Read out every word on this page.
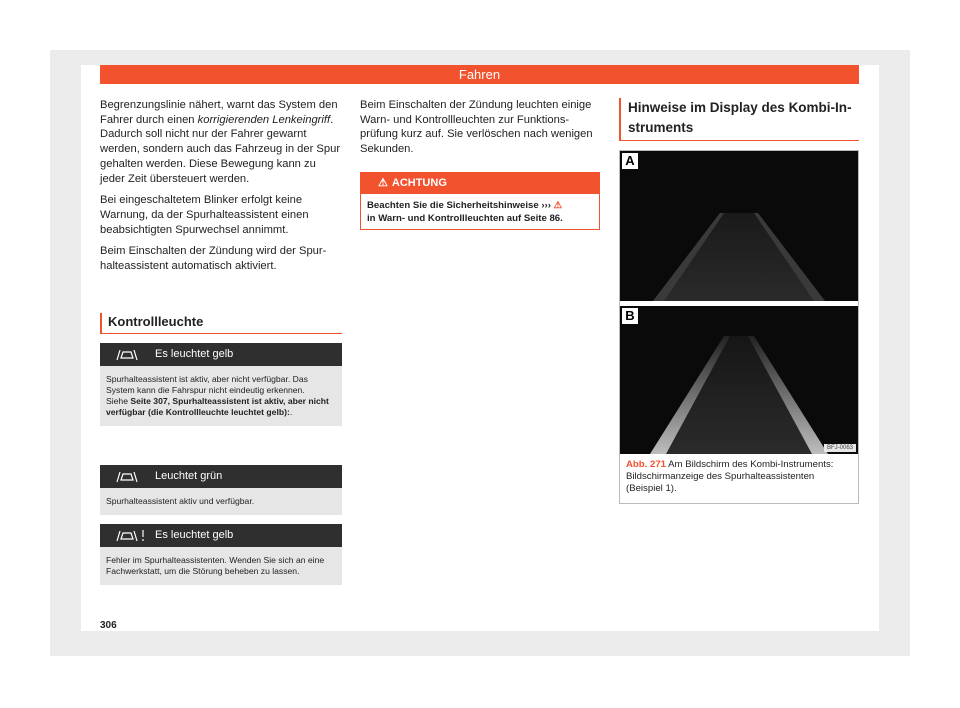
Fahren

Begrenzungslinie nähert, warnt das System den Fahrer durch einen korrigierenden Lenkeingriff. Dadurch soll nicht nur der Fahrer gewarnt werden, sondern auch das Fahrzeug in der Spur gehalten werden. Diese Bewegung kann zu jeder Zeit übersteuert werden.

Bei eingeschaltetem Blinker erfolgt keine Warnung, da der Spurhalteassistent einen beabsichtigten Spurwechsel annimmt.

Beim Einschalten der Zündung wird der Spurhalteassistent automatisch aktiviert.

Kontrollleuchte
Es leuchtet gelb
Spurhalteassistent ist aktiv, aber nicht verfügbar. Das System kann die Fahrspur nicht eindeutig erkennen.
Siehe Seite 307, Spurhalteassistent ist aktiv, aber nicht verfügbar (die Kontrollleuchte leuchtet gelb):.
Leuchtet grün
Spurhalteassistent aktiv und verfügbar.
Es leuchtet gelb
Fehler im Spurhalteassistenten. Wenden Sie sich an eine Fachwerkstatt, um die Störung beheben zu lassen.

Beim Einschalten der Zündung leuchten einige Warn- und Kontrollleuchten zur Funktionsprüfung kurz auf. Sie verlöschen nach wenigen Sekunden.

⚠ ACHTUNG
Beachten Sie die Sicherheitshinweise ››› ⚠
in Warn- und Kontrollleuchten auf Seite 86.
Hinweise im Display des Kombi-Instruments
A
B
BFJ-0063
Abb. 271 Am Bildschirm des Kombi-Instruments: Bildschirmanzeige des Spurhalteassistenten (Beispiel 1).
306
